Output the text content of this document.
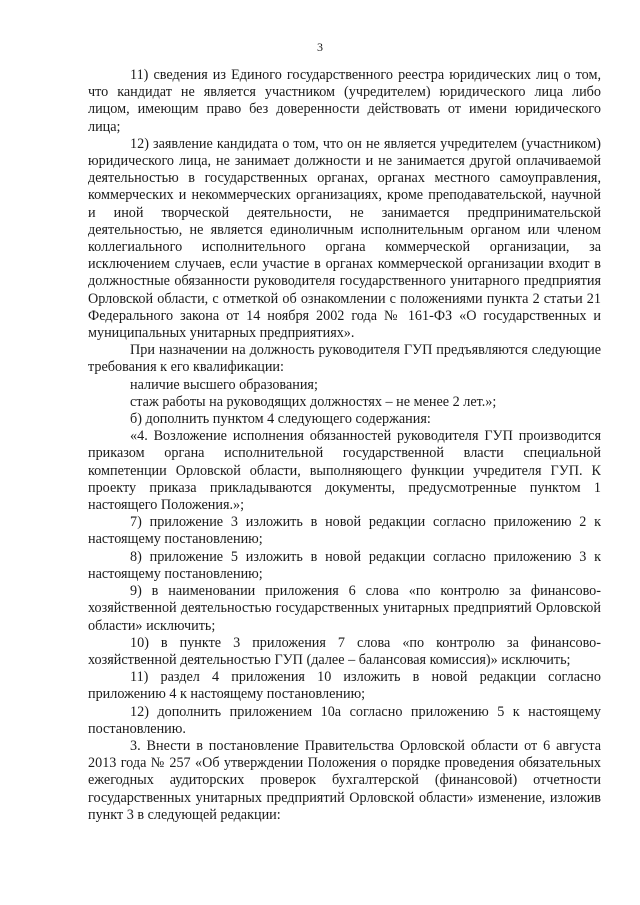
3

11) сведения из Единого государственного реестра юридических лиц о том, что кандидат не является участником (учредителем) юридического лица либо лицом, имеющим право без доверенности действовать от имени юридического лица;

12) заявление кандидата о том, что он не является учредителем (участником) юридического лица, не занимает должности и не занимается другой оплачиваемой деятельностью в государственных органах, органах местного самоуправления, коммерческих и некоммерческих организациях, кроме преподавательской, научной и иной творческой деятельности, не занимается предпринимательской деятельностью, не является единоличным исполнительным органом или членом коллегиального исполнительного органа коммерческой организации, за исключением случаев, если участие в органах коммерческой организации входит в должностные обязанности руководителя государственного унитарного предприятия Орловской области, с отметкой об ознакомлении с положениями пункта 2 статьи 21 Федерального закона от 14 ноября 2002 года № 161-ФЗ «О государственных и муниципальных унитарных предприятиях».

При назначении на должность руководителя ГУП предъявляются следующие требования к его квалификации:

наличие высшего образования;

стаж работы на руководящих должностях – не менее 2 лет.»;

б) дополнить пунктом 4 следующего содержания:

«4. Возложение исполнения обязанностей руководителя ГУП производится приказом органа исполнительной государственной власти специальной компетенции Орловской области, выполняющего функции учредителя ГУП. К проекту приказа прикладываются документы, предусмотренные пунктом 1 настоящего Положения.»;

7) приложение 3 изложить в новой редакции согласно приложению 2 к настоящему постановлению;

8) приложение 5 изложить в новой редакции согласно приложению 3 к настоящему постановлению;

9) в наименовании приложения 6 слова «по контролю за финансово-хозяйственной деятельностью государственных унитарных предприятий Орловской области» исключить;

10) в пункте 3 приложения 7 слова «по контролю за финансово-хозяйственной деятельностью ГУП (далее – балансовая комиссия)» исключить;

11) раздел 4 приложения 10 изложить в новой редакции согласно приложению 4 к настоящему постановлению;

12) дополнить приложением 10а согласно приложению 5 к настоящему постановлению.

3. Внести в постановление Правительства Орловской области от 6 августа 2013 года № 257 «Об утверждении Положения о порядке проведения обязательных ежегодных аудиторских проверок бухгалтерской (финансовой) отчетности государственных унитарных предприятий Орловской области» изменение, изложив пункт 3 в следующей редакции:
